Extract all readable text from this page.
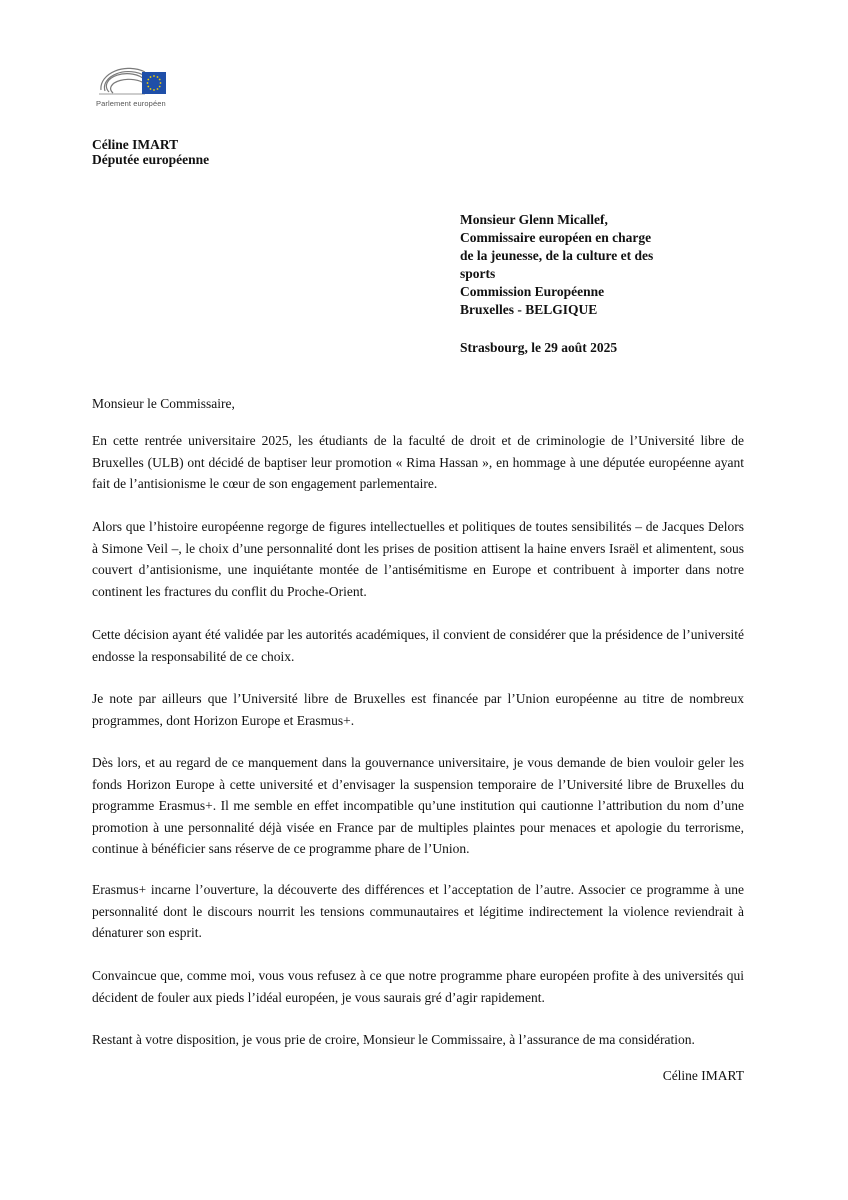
Parlement européen
Céline IMART
Députée européenne
Monsieur Glenn Micallef,
Commissaire européen en charge
de la jeunesse, de la culture et des
sports
Commission Européenne
Bruxelles - BELGIQUE
Strasbourg, le 29 août 2025
Monsieur le Commissaire,
En cette rentrée universitaire 2025, les étudiants de la faculté de droit et de criminologie de l’Université libre de Bruxelles (ULB) ont décidé de baptiser leur promotion « Rima Hassan », en hommage à une députée européenne ayant fait de l’antisionisme le cœur de son engagement parlementaire.
Alors que l’histoire européenne regorge de figures intellectuelles et politiques de toutes sensibilités – de Jacques Delors à Simone Veil –, le choix d’une personnalité dont les prises de position attisent la haine envers Israël et alimentent, sous couvert d’antisionisme, une inquiétante montée de l’antisémitisme en Europe et contribuent à importer dans notre continent les fractures du conflit du Proche-Orient.
Cette décision ayant été validée par les autorités académiques, il convient de considérer que la présidence de l’université endosse la responsabilité de ce choix.
Je note par ailleurs que l’Université libre de Bruxelles est financée par l’Union européenne au titre de nombreux programmes, dont Horizon Europe et Erasmus+.
Dès lors, et au regard de ce manquement dans la gouvernance universitaire, je vous demande de bien vouloir geler les fonds Horizon Europe à cette université et d’envisager la suspension temporaire de l’Université libre de Bruxelles du programme Erasmus+. Il me semble en effet incompatible qu’une institution qui cautionne l’attribution du nom d’une promotion à une personnalité déjà visée en France par de multiples plaintes pour menaces et apologie du terrorisme, continue à bénéficier sans réserve de ce programme phare de l’Union.
Erasmus+ incarne l’ouverture, la découverte des différences et l’acceptation de l’autre. Associer ce programme à une personnalité dont le discours nourrit les tensions communautaires et légitime indirectement la violence reviendrait à dénaturer son esprit.
Convaincue que, comme moi, vous vous refusez à ce que notre programme phare européen profite à des universités qui décident de fouler aux pieds l’idéal européen, je vous saurais gré d’agir rapidement.
Restant à votre disposition, je vous prie de croire, Monsieur le Commissaire, à l’assurance de ma considération.
Céline IMART
